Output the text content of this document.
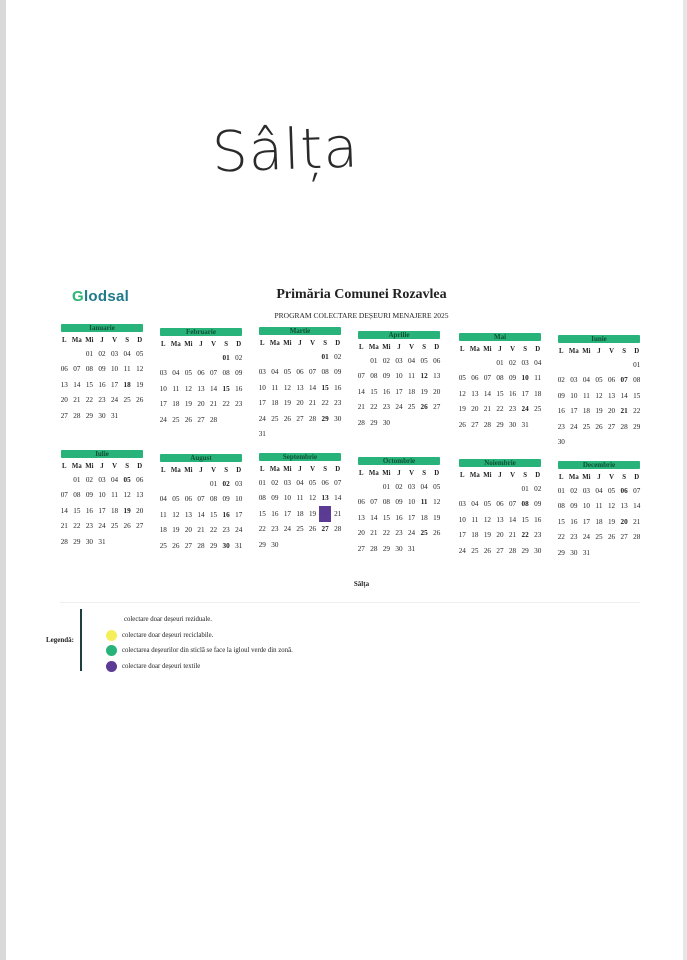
Sâlța
Glodsal	Primăria Comunei Rozavlea
PROGRAM COLECTARE DEȘEURI MENAJERE 2025
Ianuarie
L	Ma	Mi	J	V	S	D
		01	02	03	04	05
06	07	08	09	10	11	12
13	14	15	16	17	18	19
20	21	22	23	24	25	26
27	28	29	30	31		
Februarie
L	Ma	Mi	J	V	S	D
					01	02
03	04	05	06	07	08	09
10	11	12	13	14	15	16
17	18	19	20	21	22	23
24	25	26	27	28		
Martie
L	Ma	Mi	J	V	S	D
					01	02
03	04	05	06	07	08	09
10	11	12	13	14	15	16
17	18	19	20	21	22	23
24	25	26	27	28	29	30
31						
Aprilie
L	Ma	Mi	J	V	S	D
	01	02	03	04	05	06
07	08	09	10	11	12	13
14	15	16	17	18	19	20
21	22	23	24	25	26	27
28	29	30				
Mai
L	Ma	Mi	J	V	S	D
			01	02	03	04
05	06	07	08	09	10	11
12	13	14	15	16	17	18
19	20	21	22	23	24	25
26	27	28	29	30	31	
Iunie
L	Ma	Mi	J	V	S	D
						01
02	03	04	05	06	07	08
09	10	11	12	13	14	15
16	17	18	19	20	21	22
23	24	25	26	27	28	29
30						
Iulie
L	Ma	Mi	J	V	S	D
	01	02	03	04	05	06
07	08	09	10	11	12	13
14	15	16	17	18	19	20
21	22	23	24	25	26	27
28	29	30	31			
August
L	Ma	Mi	J	V	S	D
				01	02	03
04	05	06	07	08	09	10
11	12	13	14	15	16	17
18	19	20	21	22	23	24
25	26	27	28	29	30	31
Septembrie
L	Ma	Mi	J	V	S	D
01	02	03	04	05	06	07
08	09	10	11	12	13	14
15	16	17	18	19	20	21
22	23	24	25	26	27	28
29	30					
Octombrie
L	Ma	Mi	J	V	S	D
		01	02	03	04	05
06	07	08	09	10	11	12
13	14	15	16	17	18	19
20	21	22	23	24	25	26
27	28	29	30	31		
Noiembrie
L	Ma	Mi	J	V	S	D
					01	02
03	04	05	06	07	08	09
10	11	12	13	14	15	16
17	18	19	20	21	22	23
24	25	26	27	28	29	30
Decembrie
L	Ma	Mi	J	V	S	D
01	02	03	04	05	06	07
08	09	10	11	12	13	14
15	16	17	18	19	20	21
22	23	24	25	26	27	28
29	30	31				
Sâlța
Legendă:
colectare doar deșeuri reziduale.
colectare doar deșeuri reciclabile.
colectarea deșeurilor din sticlă se face la igloul verde din zonă.
colectare doar deșeuri textile
